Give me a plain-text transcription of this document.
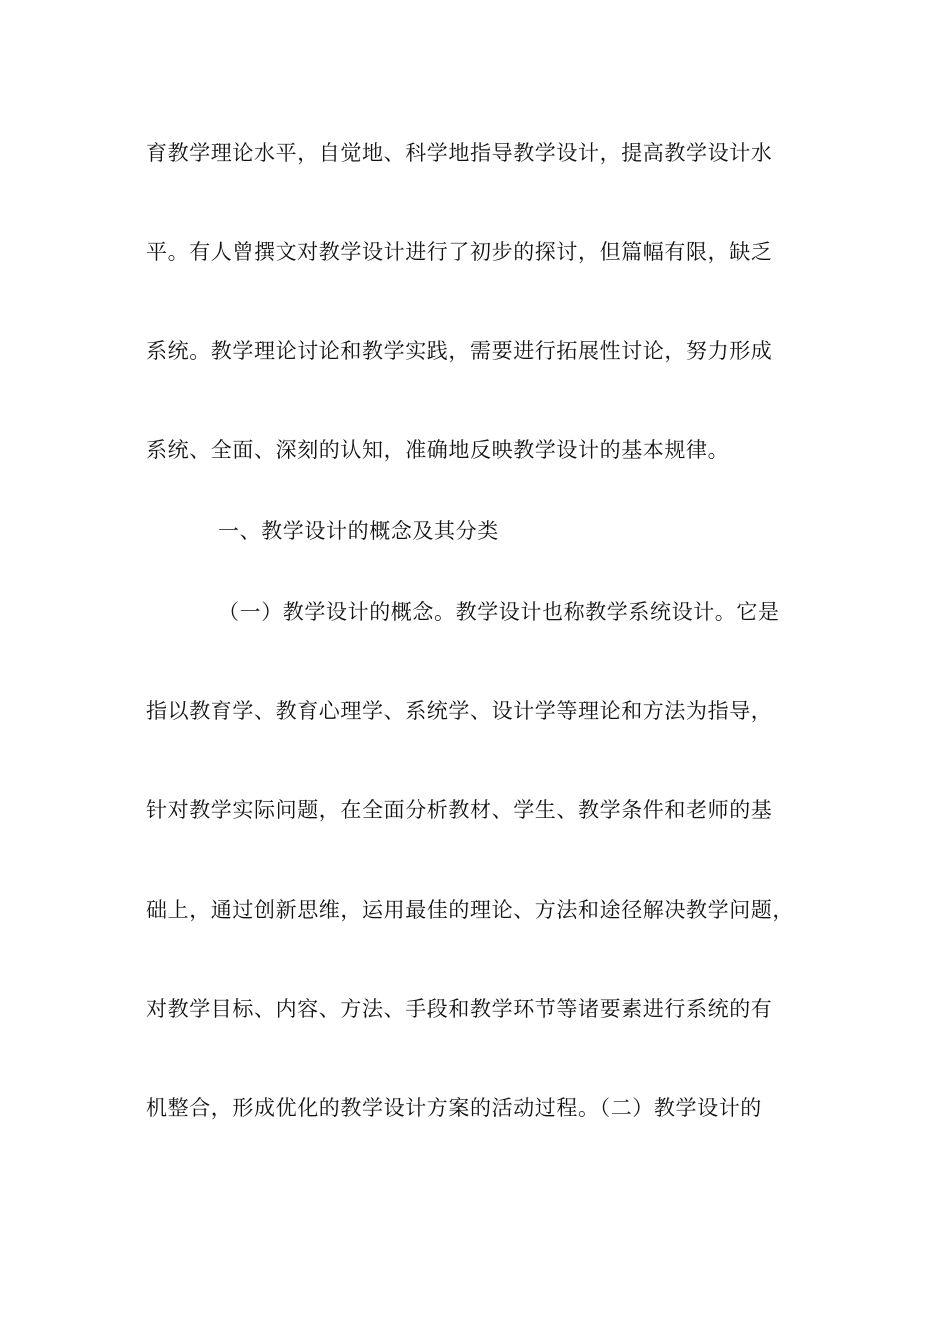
育教学理论水平，自觉地、科学地指导教学设计，提高教学设计水
平。有人曾撰文对教学设计进行了初步的探讨，但篇幅有限，缺乏
系统。教学理论讨论和教学实践，需要进行拓展性讨论，努力形成
系统、全面、深刻的认知，准确地反映教学设计的基本规律。
一、教学设计的概念及其分类
（一）教学设计的概念。教学设计也称教学系统设计。它是
指以教育学、教育心理学、系统学、设计学等理论和方法为指导，
针对教学实际问题，在全面分析教材、学生、教学条件和老师的基
础上，通过创新思维，运用最佳的理论、方法和途径解决教学问题，
对教学目标、内容、方法、手段和教学环节等诸要素进行系统的有
机整合，形成优化的教学设计方案的活动过程。（二）教学设计的
